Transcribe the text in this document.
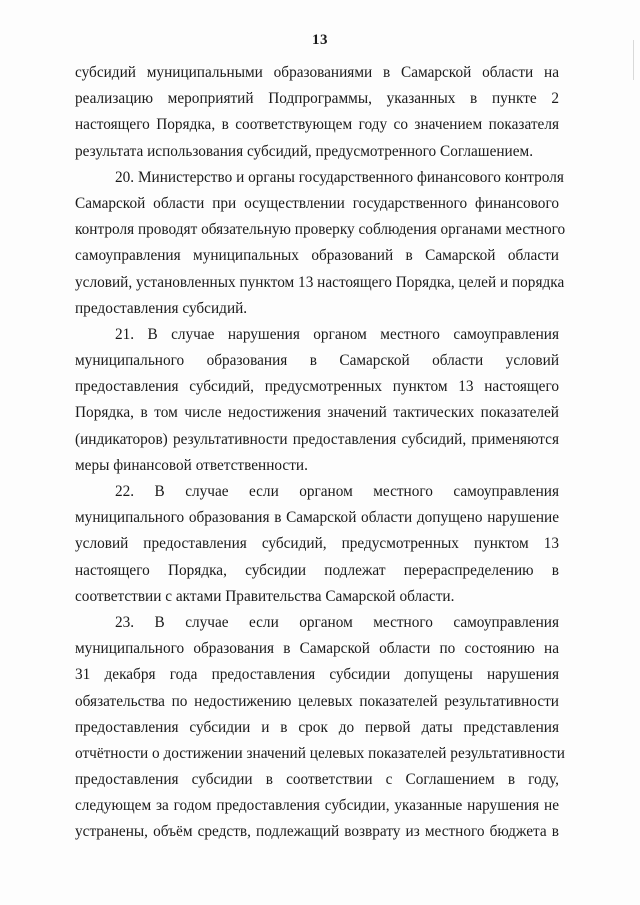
13
субсидий муниципальными образованиями в Самарской области на
реализацию мероприятий Подпрограммы, указанных в пункте 2
настоящего Порядка, в соответствующем году со значением показателя
результата использования субсидий, предусмотренного Соглашением.
20. Министерство и органы государственного финансового контроля
Самарской области при осуществлении государственного финансового
контроля проводят обязательную проверку соблюдения органами местного
самоуправления муниципальных образований в Самарской области
условий, установленных пунктом 13 настоящего Порядка, целей и порядка
предоставления субсидий.
21. В случае нарушения органом местного самоуправления
муниципального образования в Самарской области условий
предоставления субсидий, предусмотренных пунктом 13 настоящего
Порядка, в том числе недостижения значений тактических показателей
(индикаторов) результативности предоставления субсидий, применяются
меры финансовой ответственности.
22. В случае если органом местного самоуправления
муниципального образования в Самарской области допущено нарушение
условий предоставления субсидий, предусмотренных пунктом 13
настоящего Порядка, субсидии подлежат перераспределению в
соответствии с актами Правительства Самарской области.
23. В случае если органом местного самоуправления
муниципального образования в Самарской области по состоянию на
31 декабря года предоставления субсидии допущены нарушения
обязательства по недостижению целевых показателей результативности
предоставления субсидии и в срок до первой даты представления
отчётности о достижении значений целевых показателей результативности
предоставления субсидии в соответствии с Соглашением в году,
следующем за годом предоставления субсидии, указанные нарушения не
устранены, объём средств, подлежащий возврату из местного бюджета в
